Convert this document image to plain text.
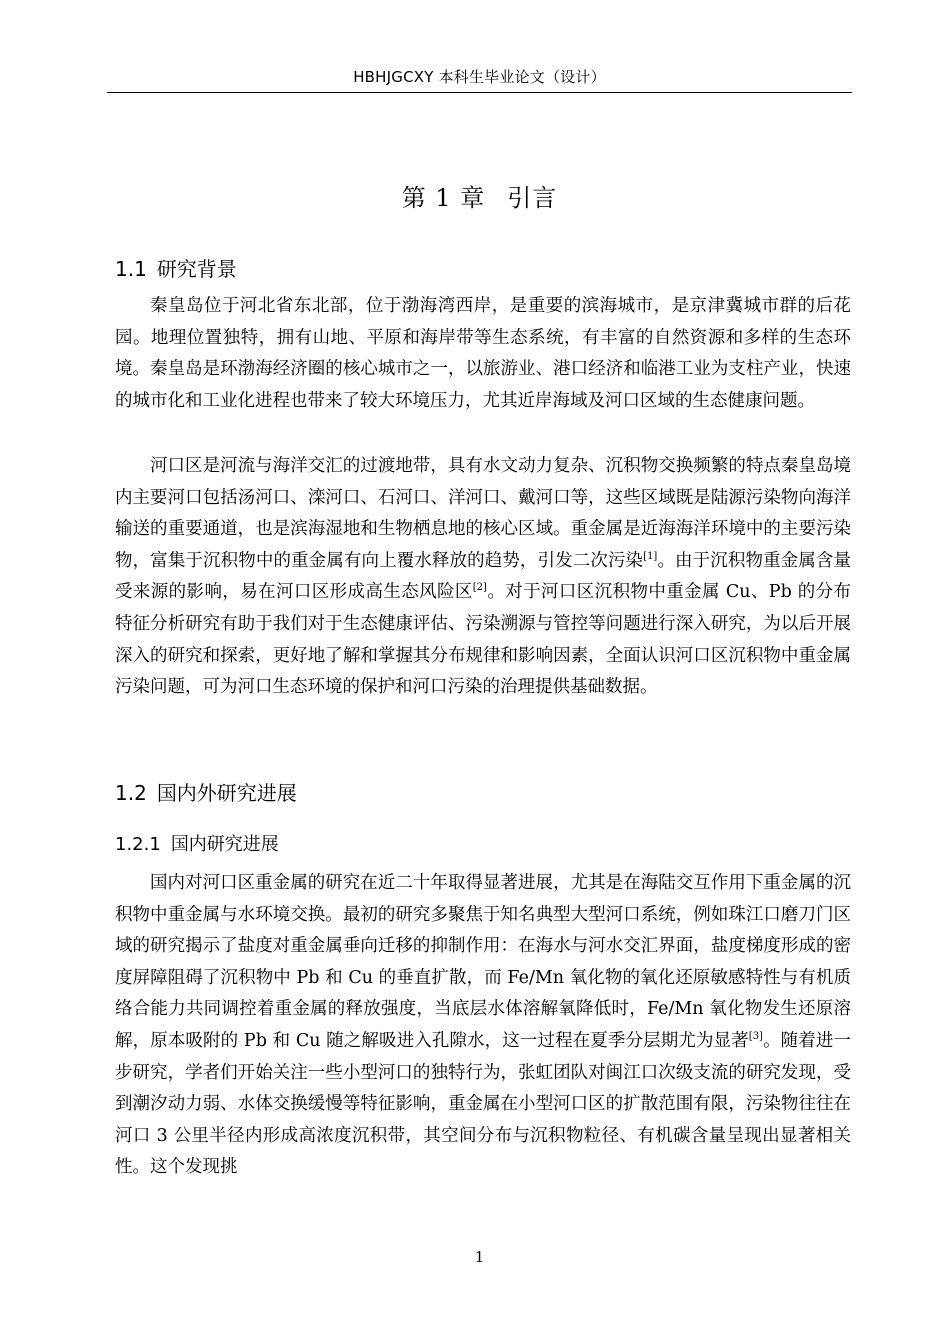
HBHJGCXY 本科生毕业论文（设计）
第 1 章 引言
1.1 研究背景

秦皇岛位于河北省东北部，位于渤海湾西岸，是重要的滨海城市，是京津冀城市群的后花园。地理位置独特，拥有山地、平原和海岸带等生态系统，有丰富的自然资源和多样的生态环境。秦皇岛是环渤海经济圈的核心城市之一，以旅游业、港口经济和临港工业为支柱产业，快速的城市化和工业化进程也带来了较大环境压力，尤其近岸海域及河口区域的生态健康问题。

河口区是河流与海洋交汇的过渡地带，具有水文动力复杂、沉积物交换频繁的特点秦皇岛境内主要河口包括汤河口、滦河口、石河口、洋河口、戴河口等，这些区域既是陆源污染物向海洋输送的重要通道，也是滨海湿地和生物栖息地的核心区域。重金属是近海海洋环境中的主要污染物，富集于沉积物中的重金属有向上覆水释放的趋势，引发二次污染[1]。由于沉积物重金属含量受来源的影响，易在河口区形成高生态风险区[2]。对于河口区沉积物中重金属 Cu、Pb 的分布特征分析研究有助于我们对于生态健康评估、污染溯源与管控等问题进行深入研究，为以后开展深入的研究和探索，更好地了解和掌握其分布规律和影响因素，全面认识河口区沉积物中重金属污染问题，可为河口生态环境的保护和河口污染的治理提供基础数据。

1.2 国内外研究进展
1.2.1 国内研究进展

国内对河口区重金属的研究在近二十年取得显著进展，尤其是在海陆交互作用下重金属的沉积物中重金属与水环境交换。最初的研究多聚焦于知名典型大型河口系统，例如珠江口磨刀门区域的研究揭示了盐度对重金属垂向迁移的抑制作用：在海水与河水交汇界面，盐度梯度形成的密度屏障阻碍了沉积物中 Pb 和 Cu 的垂直扩散，而 Fe/Mn 氧化物的氧化还原敏感特性与有机质络合能力共同调控着重金属的释放强度，当底层水体溶解氧降低时，Fe/Mn 氧化物发生还原溶解，原本吸附的 Pb 和 Cu 随之解吸进入孔隙水，这一过程在夏季分层期尤为显著[3]。随着进一步研究，学者们开始关注一些小型河口的独特行为，张虹团队对闽江口次级支流的研究发现，受到潮汐动力弱、水体交换缓慢等特征影响，重金属在小型河口区的扩散范围有限，污染物往往在河口 3 公里半径内形成高浓度沉积带，其空间分布与沉积物粒径、有机碳含量呈现出显著相关性。这个发现挑

1
